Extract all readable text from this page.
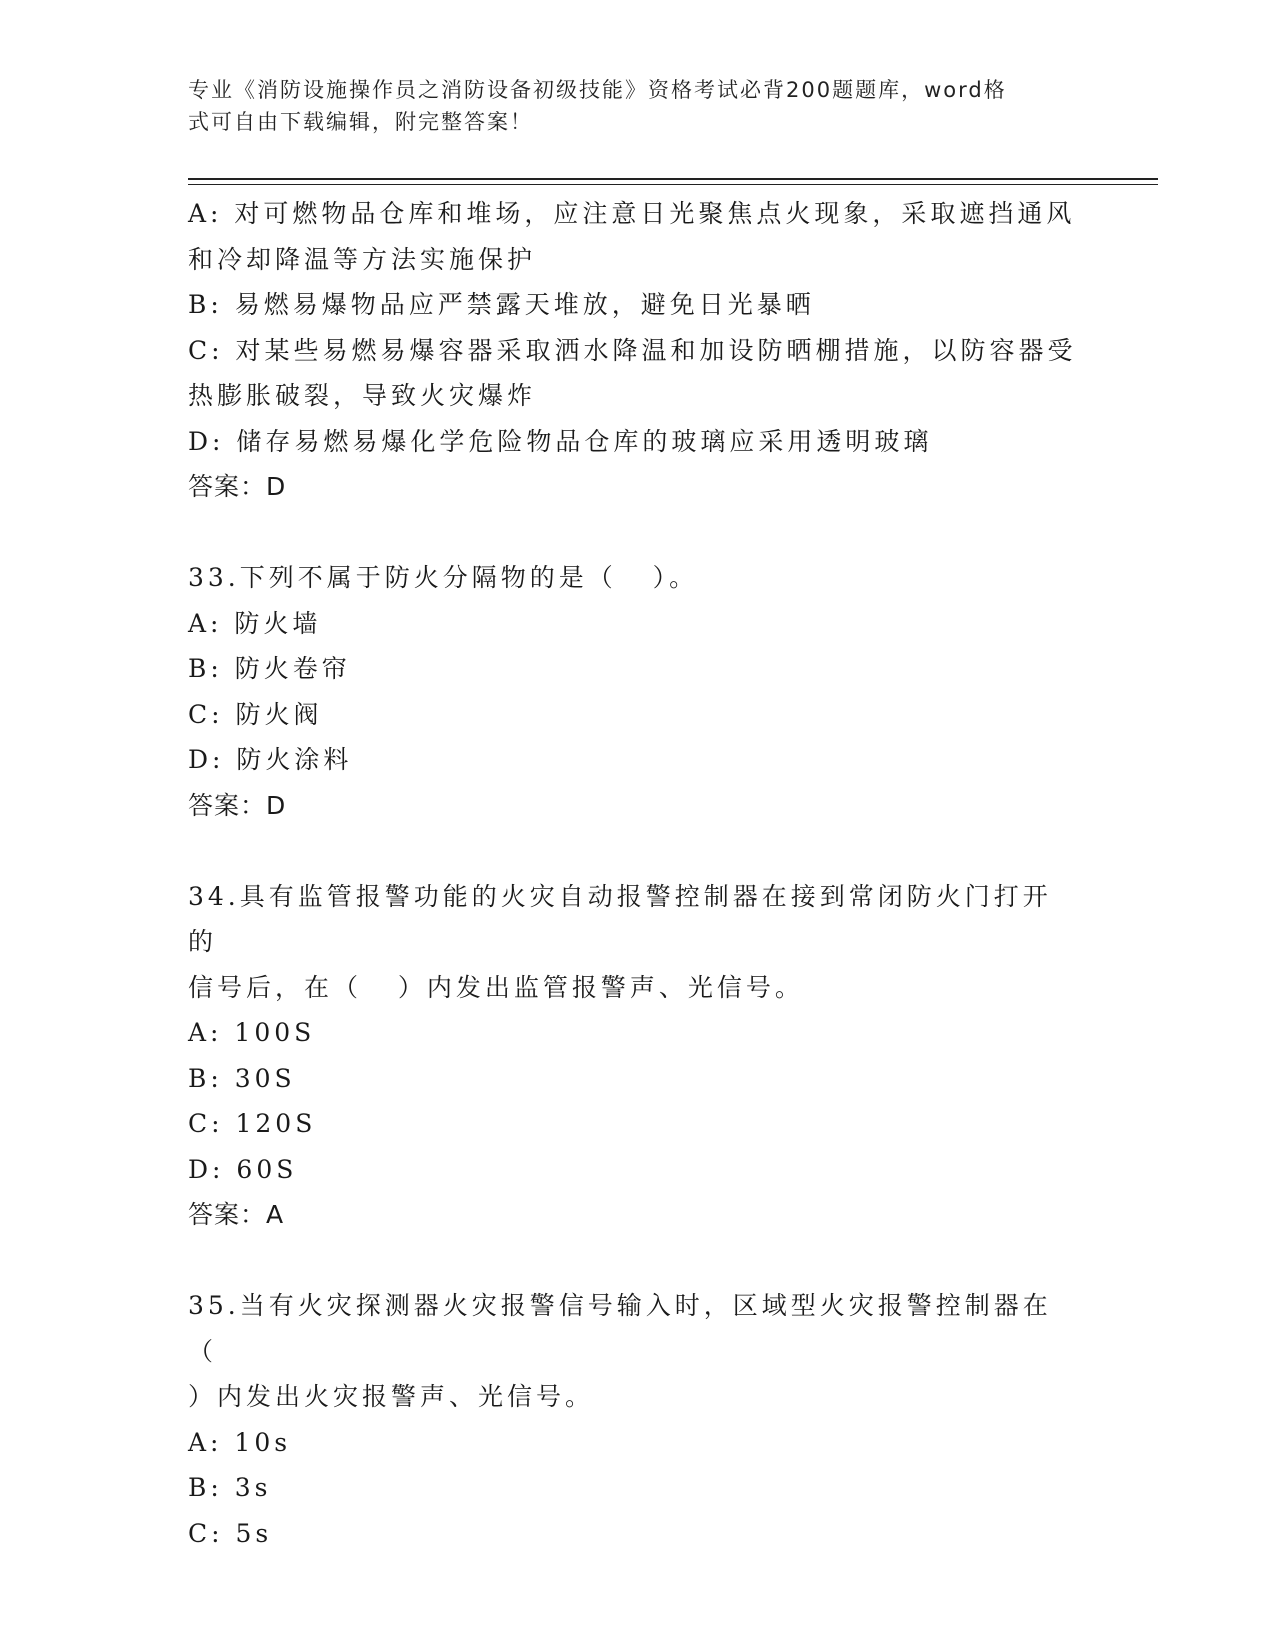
专业《消防设施操作员之消防设备初级技能》资格考试必背200题题库，word格
式可自由下载编辑，附完整答案！
A: 对可燃物品仓库和堆场，应注意日光聚焦点火现象，采取遮挡通风
和冷却降温等方法实施保护
B: 易燃易爆物品应严禁露天堆放，避免日光暴晒
C: 对某些易燃易爆容器采取洒水降温和加设防晒棚措施，以防容器受
热膨胀破裂，导致火灾爆炸
D: 储存易燃易爆化学危险物品仓库的玻璃应采用透明玻璃
答案：D
33.下列不属于防火分隔物的是（   ）。
A: 防火墙
B: 防火卷帘
C: 防火阀
D: 防火涂料
答案：D
34.具有监管报警功能的火灾自动报警控制器在接到常闭防火门打开的
信号后，在（   ）内发出监管报警声、光信号。
A: 100S
B: 30S
C: 120S
D: 60S
答案：A
35.当有火灾探测器火灾报警信号输入时，区域型火灾报警控制器在（
）内发出火灾报警声、光信号。
A: 10s
B: 3s
C: 5s
